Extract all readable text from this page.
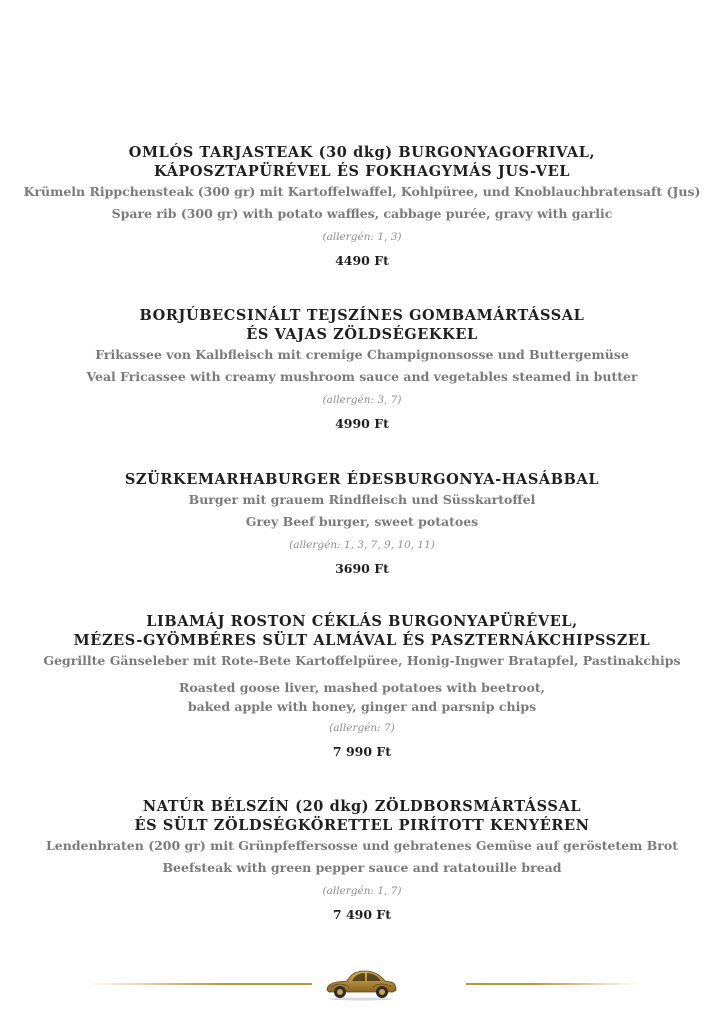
OMLÓS TARJASTEAK (30 dkg) BURGONYAGOFRIVAL,
KÁPOSZTAPÜRÉVEL ÉS FOKHAGYMÁS JUS-VEL
Krümeln Rippchensteak (300 gr) mit Kartoffelwaffel, Kohlpüree, und Knoblauchbratensaft (Jus)
Spare rib (300 gr) with potato waffles, cabbage purée, gravy with garlic
(allergén: 1, 3)
4490 Ft
BORJÚBECSINÁLT TEJSZÍNES GOMBAMÁRTÁSSAL
ÉS VAJAS ZÖLDSÉGEKKEL
Frikassee von Kalbfleisch mit cremige Champignonsosse und Buttergemüse
Veal Fricassee with creamy mushroom sauce and vegetables steamed in butter
(allergén: 3, 7)
4990 Ft
SZÜRKEMARHABURGER ÉDESBURGONYA-HASÁBBAL
Burger mit grauem Rindfleisch und Süsskartoffel
Grey Beef burger, sweet potatoes
(allergén: 1, 3, 7, 9, 10, 11)
3690 Ft
LIBAMÁJ ROSTON CÉKLÁS BURGONYAPÜRÉVEL,
MÉZES-GYÖMBÉRES SÜLT ALMÁVAL ÉS PASZTERNÁKCHIPSSZEL
Gegrillte Gänseleber mit Rote-Bete Kartoffelpüree, Honig-Ingwer Bratapfel, Pastinakchips
Roasted goose liver, mashed potatoes with beetroot,
baked apple with honey, ginger and parsnip chips
(allergén: 7)
7 990 Ft
NATÚR BÉLSZÍN (20 dkg) ZÖLDBORSMÁRTÁSSAL
ÉS SÜLT ZÖLDSÉGKÖRETTEL PIRÍTOTT KENYÉREN
Lendenbraten (200 gr) mit Grünpfeffersosse und gebratenes Gemüse auf geröstetem Brot
Beefsteak with green pepper sauce and ratatouille bread
(allergén: 1, 7)
7 490 Ft
